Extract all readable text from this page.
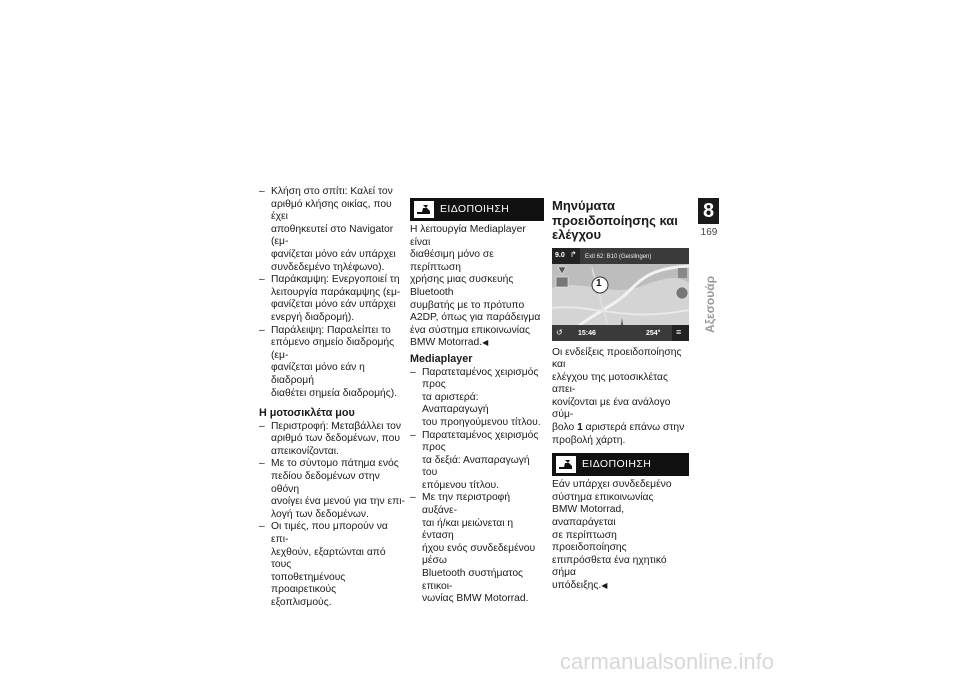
– Κλήση στο σπίτι: Καλεί τον
αριθμό κλήσης οικίας, που έχει
αποθηκευτεί στο Navigator (εμ-
φανίζεται μόνο εάν υπάρχει
συνδεδεμένο τηλέφωνο).
– Παράκαμψη: Ενεργοποιεί τη
λειτουργία παράκαμψης (εμ-
φανίζεται μόνο εάν υπάρχει
ενεργή διαδρομή).
– Παράλειψη: Παραλείπει το
επόμενο σημείο διαδρομής (εμ-
φανίζεται μόνο εάν η διαδρομή
διαθέτει σημεία διαδρομής).
Η μοτοσικλέτα μου
– Περιστροφή: Μεταβάλλει τον
αριθμό των δεδομένων, που
απεικονίζονται.
– Με το σύντομο πάτημα ενός
πεδίου δεδομένων στην οθόνη
ανοίγει ένα μενού για την επι-
λογή των δεδομένων.
– Οι τιμές, που μπορούν να επι-
λεχθούν, εξαρτώνται από τους
τοποθετημένους προαιρετικούς
εξοπλισμούς.
ΕΙΔΟΠΟΙΗΣΗ
Η λειτουργία Mediaplayer είναι
διαθέσιμη μόνο σε περίπτωση
χρήσης μιας συσκευής Bluetooth
συμβατής με το πρότυπο
A2DP, όπως για παράδειγμα
ένα σύστημα επικοινωνίας
BMW Motorrad.◀
Mediaplayer
– Παρατεταμένος χειρισμός προς
τα αριστερά: Αναπαραγωγή
του προηγούμενου τίτλου.
– Παρατεταμένος χειρισμός προς
τα δεξιά: Αναπαραγωγή του
επόμενου τίτλου.
– Με την περιστροφή αυξάνε-
ται ή/και μειώνεται η ένταση
ήχου ενός συνδεδεμένου μέσω
Bluetooth συστήματος επικοι-
νωνίας BMW Motorrad.
Μηνύματα
προειδοποίησης και
ελέγχου
9.0 ↱ Exit 62: B10 (Geislingen)
1
↺ 15:46	254° ≡
Οι ενδείξεις προειδοποίησης και
ελέγχου της μοτοσικλέτας απει-
κονίζονται με ένα ανάλογο σύμ-
βολο 1 αριστερά επάνω στην
προβολή χάρτη.
ΕΙΔΟΠΟΙΗΣΗ
Εάν υπάρχει συνδεδεμένο
σύστημα επικοινωνίας
BMW Motorrad, αναπαράγεται
σε περίπτωση προειδοποίησης
επιπρόσθετα ένα ηχητικό σήμα
υπόδειξης.◀
8
169
Αξεσουάρ
carmanualsonline.info
